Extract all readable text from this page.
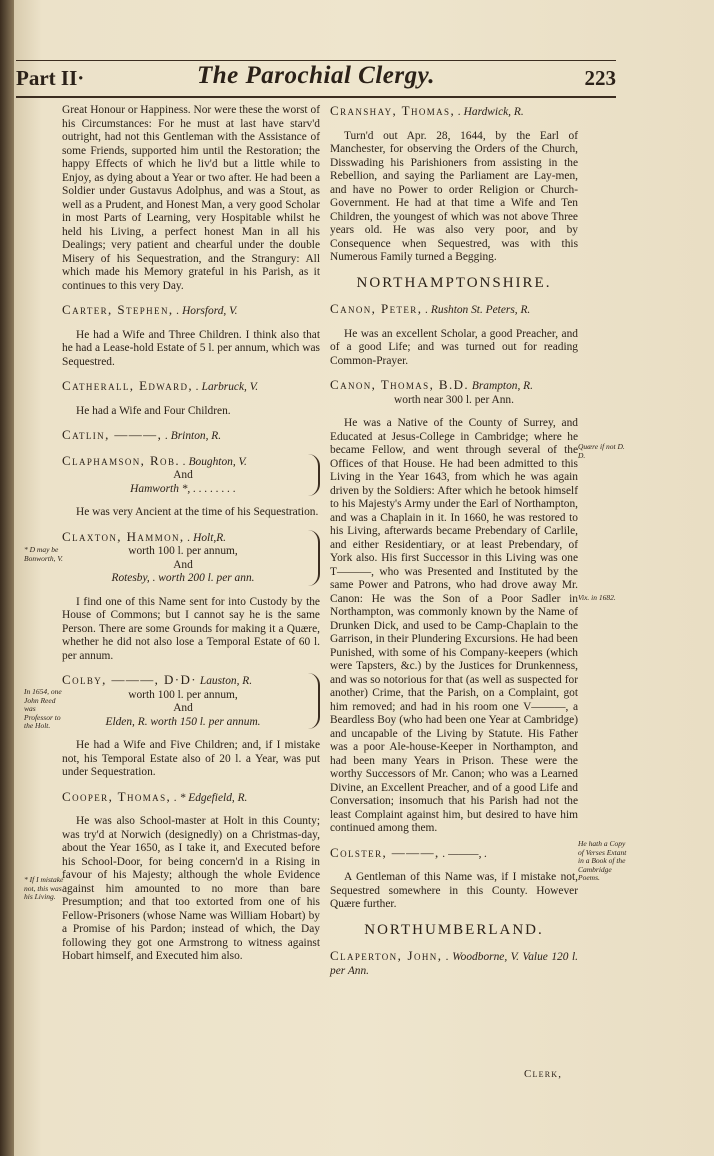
Part II·	The Parochial Clergy.	223

Great Honour or Happiness. Nor were these the worst of his Circumstances: For he must at last have starv'd outright, had not this Gentleman with the Assistance of some Friends, supported him until the Restoration; the happy Effects of which he liv'd but a little while to Enjoy, as dying about a Year or two after. He had been a Soldier under Gustavus Adolphus, and was a Stout, as well as a Prudent, and Honest Man, a very good Scholar in most Parts of Learning, very Hospitable whilst he held his Living, a perfect honest Man in all his Dealings; very patient and chearful under the double Misery of his Sequestration, and the Strangury: All which made his Memory grateful in his Parish, as it continues to this very Day.

Carter, Stephen, . Horsford, V.

He had a Wife and Three Children. I think also that he had a Lease-hold Estate of 5 l. per annum, which was Sequestred.

Catherall, Edward, . Larbruck, V.

He had a Wife and Four Children.

Catlin, ———, . Brinton, R.
Claphamson, Rob. . Boughton, V.
And
Hamworth *, . . . . . . . .

He was very Ancient at the time of his Sequestration.

Claxton, Hammon, . Holt,R.
worth 100 l. per annum,
And
Rotesby, . worth 200 l. per ann.

I find one of this Name sent for into Custody by the House of Commons; but I cannot say he is the same Person. There are some Grounds for making it a Quære, whether he did not also lose a Temporal Estate of 60 l. per annum.

Colby, ———, D·D· Lauston, R.
worth 100 l. per annum,
And
Elden, R. worth 150 l. per annum.

He had a Wife and Five Children; and, if I mistake not, his Temporal Estate also of 20 l. a Year, was put under Sequestration.

Cooper, Thomas, . * Edgefield, R.

He was also School-master at Holt in this County; was try'd at Norwich (designedly) on a Christmas-day, about the Year 1650, as I take it, and Executed before his School-Door, for being concern'd in a Rising in favour of his Majesty; although the whole Evidence against him amounted to no more than bare Presumption; and that too extorted from one of his Fellow-Prisoners (whose Name was William Hobart) by a Promise of his Pardon; instead of which, the Day following they got one Armstrong to witness against Hobart himself, and Executed him also.

Cranshay, Thomas, . Hardwick, R.

Turn'd out Apr. 28, 1644, by the Earl of Manchester, for observing the Orders of the Church, Disswading his Parishioners from assisting in the Rebellion, and saying the Parliament are Lay-men, and have no Power to order Religion or Church-Government. He had at that time a Wife and Ten Children, the youngest of which was not above Three years old. He was also very poor, and by Consequence when Sequestred, was with this Numerous Family turned a Begging.

NORTHAMPTONSHIRE.
Canon, Peter, . Rushton St. Peters, R.

He was an excellent Scholar, a good Preacher, and of a good Life; and was turned out for reading Common-Prayer.

Canon, Thomas, B.D. Brampton, R.
worth near 300 l. per Ann.

He was a Native of the County of Surrey, and Educated at Jesus-College in Cambridge; where he became Fellow, and went through several of the Offices of that House. He had been admitted to this Living in the Year 1643, from which he was again driven by the Soldiers: After which he betook himself to his Majesty's Army under the Earl of Northampton, and was a Chaplain in it. In 1660, he was restored to his Living, afterwards became Prebendary of Carlile, and either Residentiary, or at least Prebendary, of York also. His first Successor in this Living was one T———, who was Presented and Instituted by the same Power and Patrons, who had drove away Mr. Canon: He was the Son of a Poor Sadler in Northampton, was commonly known by the Name of Drunken Dick, and used to be Camp-Chaplain to the Garrison, in their Plundering Excursions. He had been Punished, with some of his Company-keepers (which were Tapsters, &c.) by the Justices for Drunkenness, and was so notorious for that (as well as suspected for another) Crime, that the Parish, on a Complaint, got him removed; and had in his room one V———, a Beardless Boy (who had been one Year at Cambridge) and uncapable of the Living by Statute. His Father was a poor Ale-house-Keeper in Northampton, and had been many Years in Prison. These were the worthy Successors of Mr. Canon; who was a Learned Divine, an Excellent Preacher, and of a good Life and Conversation; insomuch that his Parish had not the least Complaint against him, but desired to have him continued among them.

Colster, ———, . ———, .

A Gentleman of this Name was, if I mistake not, Sequestred somewhere in this County. However Quære further.

NORTHUMBERLAND.
Claperton, John, . Woodborne, V. Value 120 l. per Ann.
Clerk,
* D may be Bonworth, V.
In 1654, one John Reed was Professor to the Holt.
* If I mistake not, this was his Living.
Quære if not D. D.
Vix. in 1682.
He hath a Copy of Verses Extant in a Book of the Cambridge Poems.
